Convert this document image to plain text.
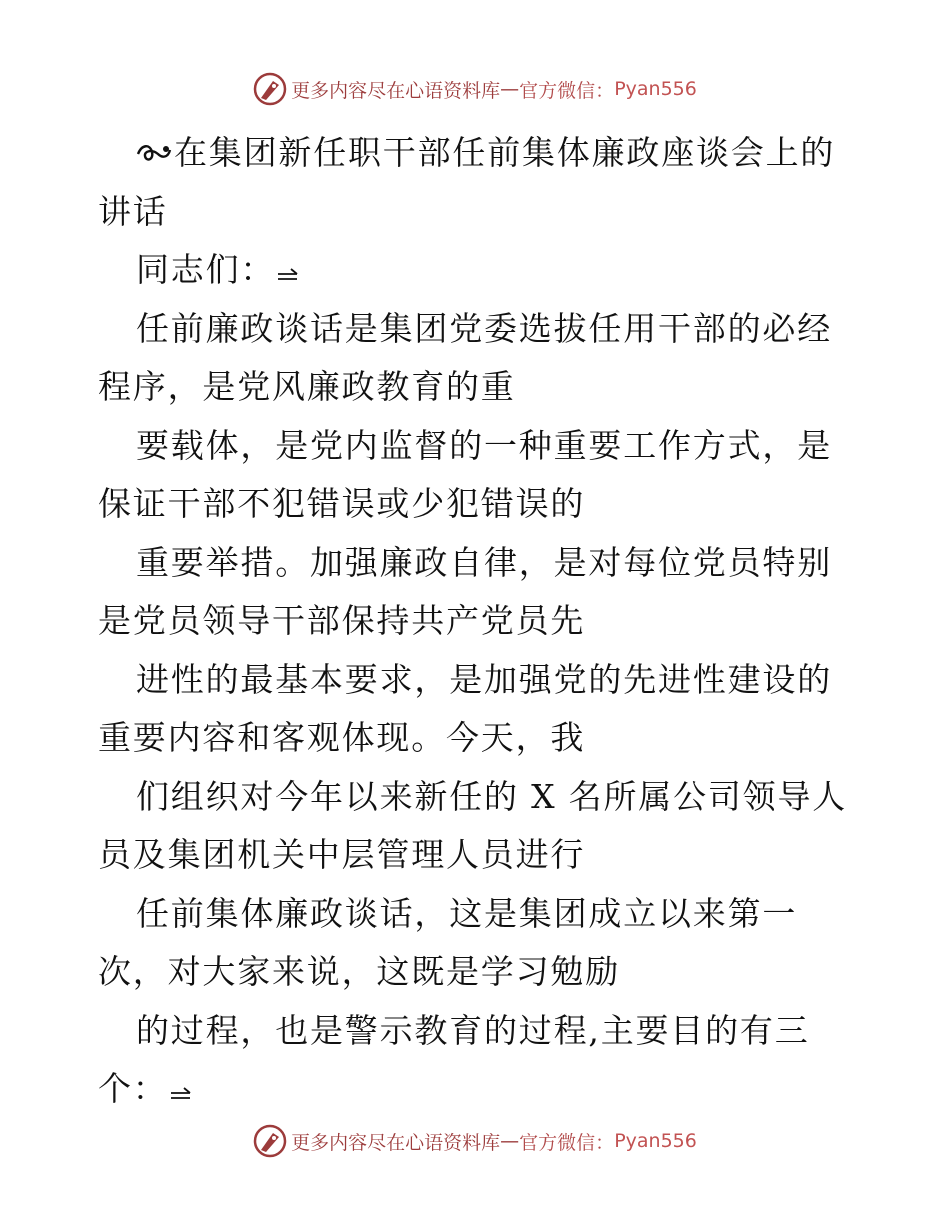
更多内容尽在心语资料库 — 官方微信： Pyan556

在集团新任职干部任前集体廉政座谈会上的讲话

同志们：

任前廉政谈话是集团党委选拔任用干部的必经程序，是党风廉政教育的重

要载体，是党内监督的一种重要工作方式，是保证干部不犯错误或少犯错误的

重要举措。加强廉政自律，是对每位党员特别是党员领导干部保持共产党员先

进性的最基本要求，是加强党的先进性建设的重要内容和客观体现。今天，我

们组织对今年以来新任的 X 名所属公司领导人员及集团机关中层管理人员进行

任前集体廉政谈话，这是集团成立以来第一次，对大家来说，这既是学习勉励

的过程，也是警示教育的过程,主要目的有三个：

更多内容尽在心语资料库 — 官方微信： Pyan556
